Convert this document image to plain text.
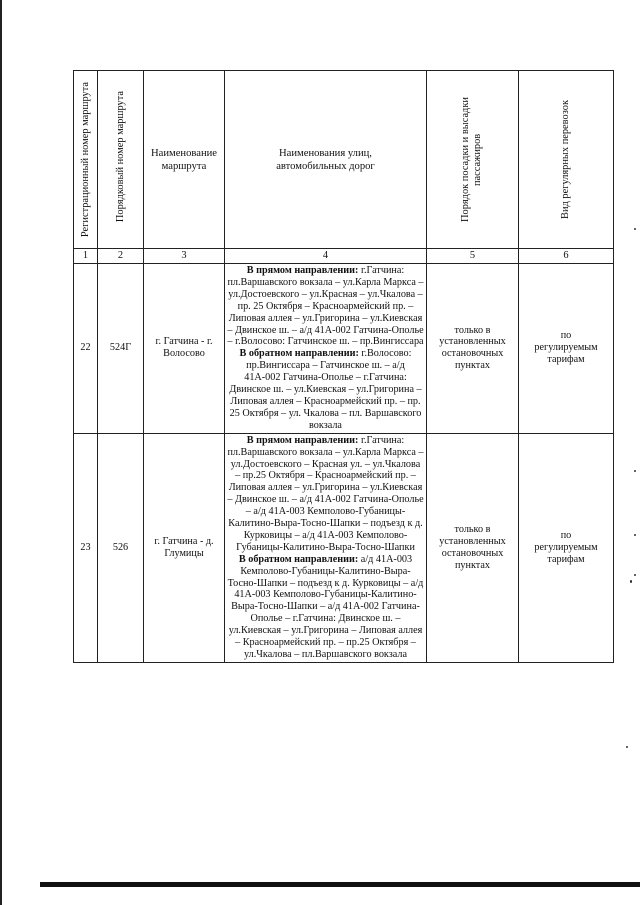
Регистрационный номер маршрута	Порядковый номер маршрута	Наименование маршрута	Наименования улиц, автомобильных дорог	Порядок посадки и высадки пассажиров	Вид регулярных перевозок

1	2	3	4	5	6
22	524Г	г. Гатчина - г. Волосово	В прямом направлении: г.Гатчина: пл.Варшавского вокзала – ул.Карла Маркса – ул.Достоевского – ул.Красная – ул.Чкалова – пр. 25 Октября – Красноармейский пр. – Липовая аллея – ул.Григорина – ул.Киевская – Двинское ш. – а/д 41А-002 Гатчина-Ополье – г.Волосово: Гатчинское ш. – пр.Вингиссара

В обратном направлении: г.Волосово: пр.Вингиссара – Гатчинское ш. – а/д 41А-002 Гатчина-Ополье – г.Гатчина: Двинское ш. – ул.Киевская – ул.Григорина – Липовая аллея – Красноармейский пр. – пр. 25 Октября – ул. Чкалова – пл. Варшавского вокзала	только в установленных остановочных пунктах	по регулируемым тарифам

23	526	г. Гатчина - д. Глумицы	В прямом направлении: г.Гатчина: пл.Варшавского вокзала – ул.Карла Маркса – ул.Достоевского – Красная ул. – ул.Чкалова – пр.25 Октября – Красноармейский пр. – Липовая аллея – ул.Григорина – ул.Киевская – Двинское ш. – а/д 41А-002 Гатчина-Ополье – а/д 41А-003 Кемполово-Губаницы-Калитино-Выра-Тосно-Шапки – подъезд к д. Курковицы – а/д 41А-003 Кемполово-Губаницы-Калитино-Выра-Тосно-Шапки

В обратном направлении: а/д 41А-003 Кемполово-Губаницы-Калитино-Выра-Тосно-Шапки – подъезд к д. Курковицы – а/д 41А-003 Кемполово-Губаницы-Калитино-Выра-Тосно-Шапки – а/д 41А-002 Гатчина-Ополье – г.Гатчина: Двинское ш. – ул.Киевская – ул.Григорина – Липовая аллея – Красноармейский пр. – пр.25 Октября – ул.Чкалова – пл.Варшавского вокзала	только в установленных остановочных пунктах	по регулируемым тарифам
